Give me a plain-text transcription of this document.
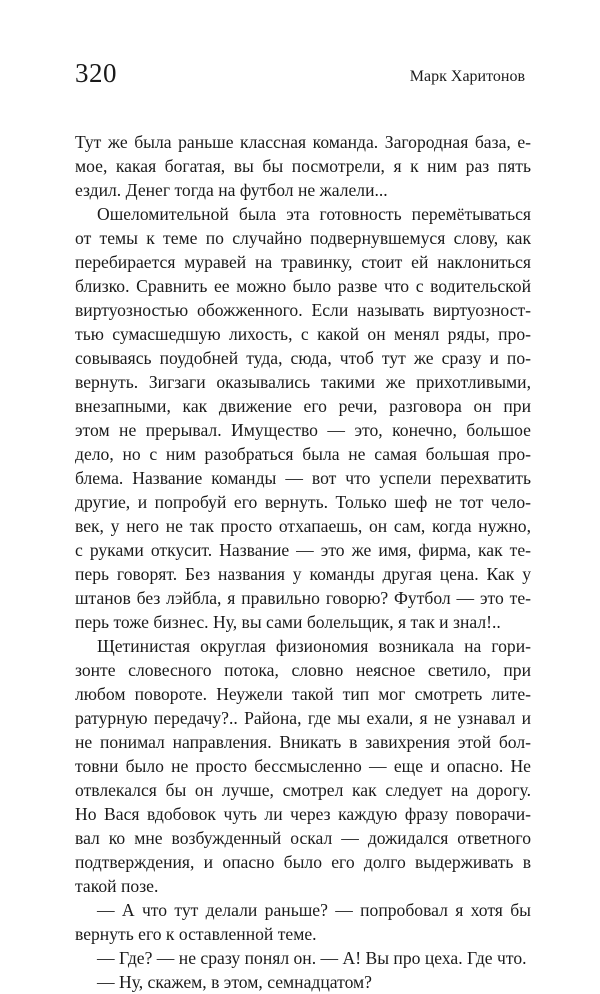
320	Марк Харитонов
Тут же была раньше классная команда. Загородная база, е-
мое, какая богатая, вы бы посмотрели, я к ним раз пять
ездил. Денег тогда на футбол не жалели...
Ошеломительной была эта готовность перемётываться
от темы к теме по случайно подвернувшемуся слову, как
перебирается муравей на травинку, стоит ей наклониться
близко. Сравнить ее можно было разве что с водительской
виртуозностью обожженного. Если называть виртуозност-
тью сумасшедшую лихость, с какой он менял ряды, про-
совываясь поудобней туда, сюда, чтоб тут же сразу и по-
вернуть. Зигзаги оказывались такими же прихотливыми,
внезапными, как движение его речи, разговора он при
этом не прерывал. Имущество — это, конечно, большое
дело, но с ним разобраться была не самая большая про-
блема. Название команды — вот что успели перехватить
другие, и попробуй его вернуть. Только шеф не тот чело-
век, у него не так просто отхапаешь, он сам, когда нужно,
с руками откусит. Название — это же имя, фирма, как те-
перь говорят. Без названия у команды другая цена. Как у
штанов без лэйбла, я правильно говорю? Футбол — это те-
перь тоже бизнес. Ну, вы сами болельщик, я так и знал!..
Щетинистая округлая физиономия возникала на гори-
зонте словесного потока, словно неясное светило, при
любом повороте. Неужели такой тип мог смотреть лите-
ратурную передачу?.. Района, где мы ехали, я не узнавал и
не понимал направления. Вникать в завихрения этой бол-
товни было не просто бессмысленно — еще и опасно. Не
отвлекался бы он лучше, смотрел как следует на дорогу.
Но Вася вдобовок чуть ли через каждую фразу поворачи-
вал ко мне возбужденный оскал — дожидался ответного
подтверждения, и опасно было его долго выдерживать в
такой позе.
— А что тут делали раньше? — попробовал я хотя бы
вернуть его к оставленной теме.
— Где? — не сразу понял он. — А! Вы про цеха. Где что.
— Ну, скажем, в этом, семнадцатом?
